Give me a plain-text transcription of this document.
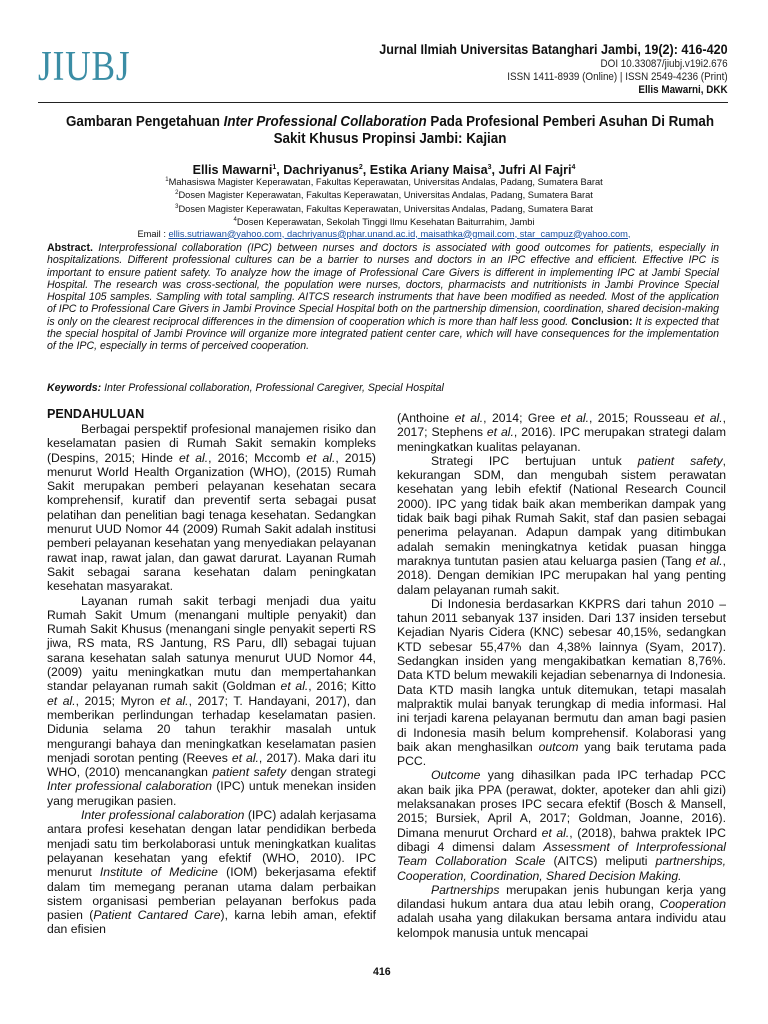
JIUBJ	Jurnal Ilmiah Universitas Batanghari Jambi, 19(2): 416-420
DOI 10.33087/jiubj.v19i2.676
ISSN 1411-8939 (Online) | ISSN 2549-4236 (Print)
Ellis Mawarni, DKK
Gambaran Pengetahuan Inter Professional Collaboration Pada Profesional Pemberi Asuhan Di Rumah Sakit Khusus Propinsi Jambi: Kajian
Ellis Mawarni$^1$, Dachriyanus$^2$, Estika Ariany Maisa$^3$, Jufri Al Fajri$^4$
$^1$Mahasiswa Magister Keperawatan, Fakultas Keperawatan, Universitas Andalas, Padang, Sumatera Barat
$^2$Dosen Magister Keperawatan, Fakultas Keperawatan, Universitas Andalas, Padang, Sumatera Barat
$^3$Dosen Magister Keperawatan, Fakultas Keperawatan, Universitas Andalas, Padang, Sumatera Barat
$^4$Dosen Keperawatan, Sekolah Tinggi Ilmu Kesehatan Baiturrahim, Jambi
Email : ellis.sutriawan@yahoo.com, dachriyanus@phar.unand.ac.id, maisathka@gmail.com, star_campuz@yahoo.com,
Abstract. Interprofessional collaboration (IPC) between nurses and doctors is associated with good outcomes for patients, especially in hospitalizations. Different professional cultures can be a barrier to nurses and doctors in an IPC effective and efficient. Effective IPC is important to ensure patient safety. To analyze how the image of Professional Care Givers is different in implementing IPC at Jambi Special Hospital. The research was cross-sectional, the population were nurses, doctors, pharmacists and nutritionists in Jambi Province Special Hospital 105 samples. Sampling with total sampling. AITCS research instruments that have been modified as needed. Most of the application of IPC to Professional Care Givers in Jambi Province Special Hospital both on the partnership dimension, coordination, shared decision-making is only on the clearest reciprocal differences in the dimension of cooperation which is more than half less good. Conclusion: It is expected that the special hospital of Jambi Province will organize more integrated patient center care, which will have consequences for the implementation of the IPC, especially in terms of perceived cooperation.
Keywords: Inter Professional collaboration, Professional Caregiver, Special Hospital
PENDAHULUAN

Berbagai perspektif profesional manajemen risiko dan keselamatan pasien di Rumah Sakit semakin kompleks (Despins, 2015; Hinde et al., 2016; Mccomb et al., 2015) menurut World Health Organization (WHO), (2015) Rumah Sakit merupakan pemberi pelayanan kesehatan secara komprehensif, kuratif dan preventif serta sebagai pusat pelatihan dan penelitian bagi tenaga kesehatan. Sedangkan menurut UUD Nomor 44 (2009) Rumah Sakit adalah institusi pemberi pelayanan kesehatan yang menyediakan pelayanan rawat inap, rawat jalan, dan gawat darurat. Layanan Rumah Sakit sebagai sarana kesehatan dalam peningkatan kesehatan masyarakat.

Layanan rumah sakit terbagi menjadi dua yaitu Rumah Sakit Umum (menangani multiple penyakit) dan Rumah Sakit Khusus (menangani single penyakit seperti RS jiwa, RS mata, RS Jantung, RS Paru, dll) sebagai tujuan sarana kesehatan salah satunya menurut UUD Nomor 44, (2009) yaitu meningkatkan mutu dan mempertahankan standar pelayanan rumah sakit (Goldman et al., 2016; Kitto et al., 2015; Myron et al., 2017; T. Handayani, 2017), dan memberikan perlindungan terhadap keselamatan pasien. Didunia selama 20 tahun terakhir masalah untuk mengurangi bahaya dan meningkatkan keselamatan pasien menjadi sorotan penting (Reeves et al., 2017). Maka dari itu WHO, (2010) mencanangkan patient safety dengan strategi Inter professional calaboration (IPC) untuk menekan insiden yang merugikan pasien.

Inter professional calaboration (IPC) adalah kerjasama antara profesi kesehatan dengan latar pendidikan berbeda menjadi satu tim berkolaborasi untuk meningkatkan kualitas pelayanan kesehatan yang efektif (WHO, 2010). IPC menurut Institute of Medicine (IOM) bekerjasama efektif dalam tim memegang peranan utama dalam perbaikan sistem organisasi pemberian pelayanan berfokus pada pasien (Patient Cantared Care), karna lebih aman, efektif dan efisien

(Anthoine et al., 2014; Gree et al., 2015; Rousseau et al., 2017; Stephens et al., 2016). IPC merupakan strategi dalam meningkatkan kualitas pelayanan.

Strategi IPC bertujuan untuk patient safety, kekurangan SDM, dan mengubah sistem perawatan kesehatan yang lebih efektif (National Research Council 2000). IPC yang tidak baik akan memberikan dampak yang tidak baik bagi pihak Rumah Sakit, staf dan pasien sebagai penerima pelayanan. Adapun dampak yang ditimbukan adalah semakin meningkatnya ketidak puasan hingga maraknya tuntutan pasien atau keluarga pasien (Tang et al., 2018). Dengan demikian IPC merupakan hal yang penting dalam pelayanan rumah sakit.

Di Indonesia berdasarkan KKPRS dari tahun 2010 – tahun 2011 sebanyak 137 insiden. Dari 137 insiden tersebut Kejadian Nyaris Cidera (KNC) sebesar 40,15%, sedangkan KTD sebesar 55,47% dan 4,38% lainnya (Syam, 2017). Sedangkan insiden yang mengakibatkan kematian 8,76%. Data KTD belum mewakili kejadian sebenarnya di Indonesia. Data KTD masih langka untuk ditemukan, tetapi masalah malpraktik mulai banyak terungkap di media informasi. Hal ini terjadi karena pelayanan bermutu dan aman bagi pasien di Indonesia masih belum komprehensif. Kolaborasi yang baik akan menghasilkan outcom yang baik terutama pada PCC.

Outcome yang dihasilkan pada IPC terhadap PCC akan baik jika PPA (perawat, dokter, apoteker dan ahli gizi) melaksanakan proses IPC secara efektif (Bosch & Mansell, 2015; Bursiek, April A, 2017; Goldman, Joanne, 2016). Dimana menurut Orchard et al., (2018), bahwa praktek IPC dibagi 4 dimensi dalam Assessment of Interprofessional Team Collaboration Scale (AITCS) meliputi partnerships, Cooperation, Coordination, Shared Decision Making.

Partnerships merupakan jenis hubungan kerja yang dilandasi hukum antara dua atau lebih orang, Cooperation adalah usaha yang dilakukan bersama antara individu atau kelompok manusia untuk mencapai

416
